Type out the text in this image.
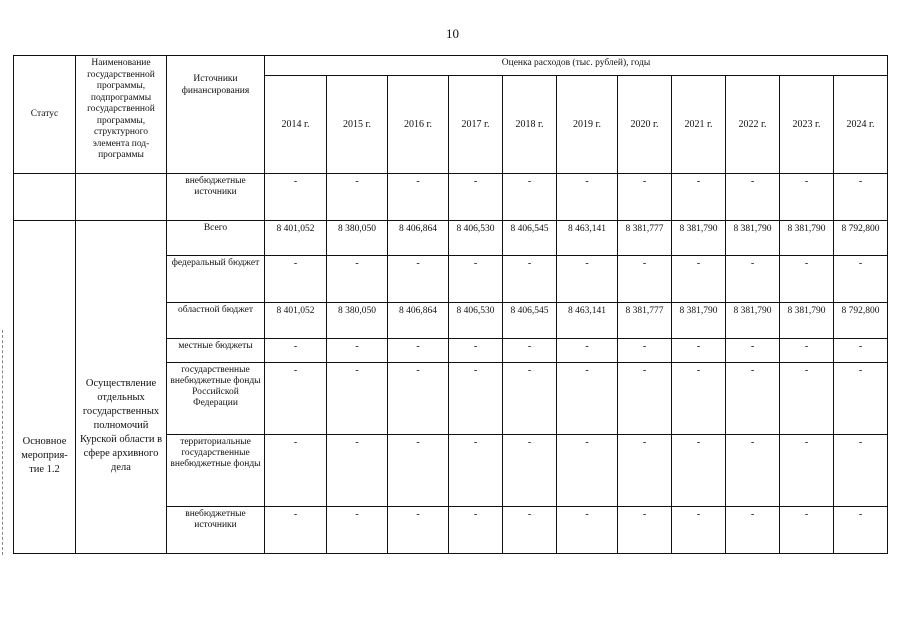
10
Статус	Наименование государственной программы, подпрограммы государственной программы, структурного элемента под-программы	Источники финансирования	Оценка расходов (тыс. рублей), годы										
			2014 г.	2015 г.	2016 г.	2017 г.	2018 г.	2019 г.	2020 г.	2021 г.	2022 г.	2023 г.	2024 г.
		внебюджетные источники	-	-	-	-	-	-	-	-	-	-	-
Основное мероприя-тие 1.2	Осуществление отдельных государственных полномочий Курской области в сфере архивного дела	Всего	8 401,052	8 380,050	8 406,864	8 406,530	8 406,545	8 463,141	8 381,777	8 381,790	8 381,790	8 381,790	8 792,800
		федеральный бюджет	-	-	-	-	-	-	-	-	-	-	-
		областной бюджет	8 401,052	8 380,050	8 406,864	8 406,530	8 406,545	8 463,141	8 381,777	8 381,790	8 381,790	8 381,790	8 792,800
		местные бюджеты	-	-	-	-	-	-	-	-	-	-	-
		государственные внебюджетные фонды Российской Федерации	-	-	-	-	-	-	-	-	-	-	-
		территориальные государственные внебюджетные фонды	-	-	-	-	-	-	-	-	-	-	-
		внебюджетные источники	-	-	-	-	-	-	-	-	-	-	-
